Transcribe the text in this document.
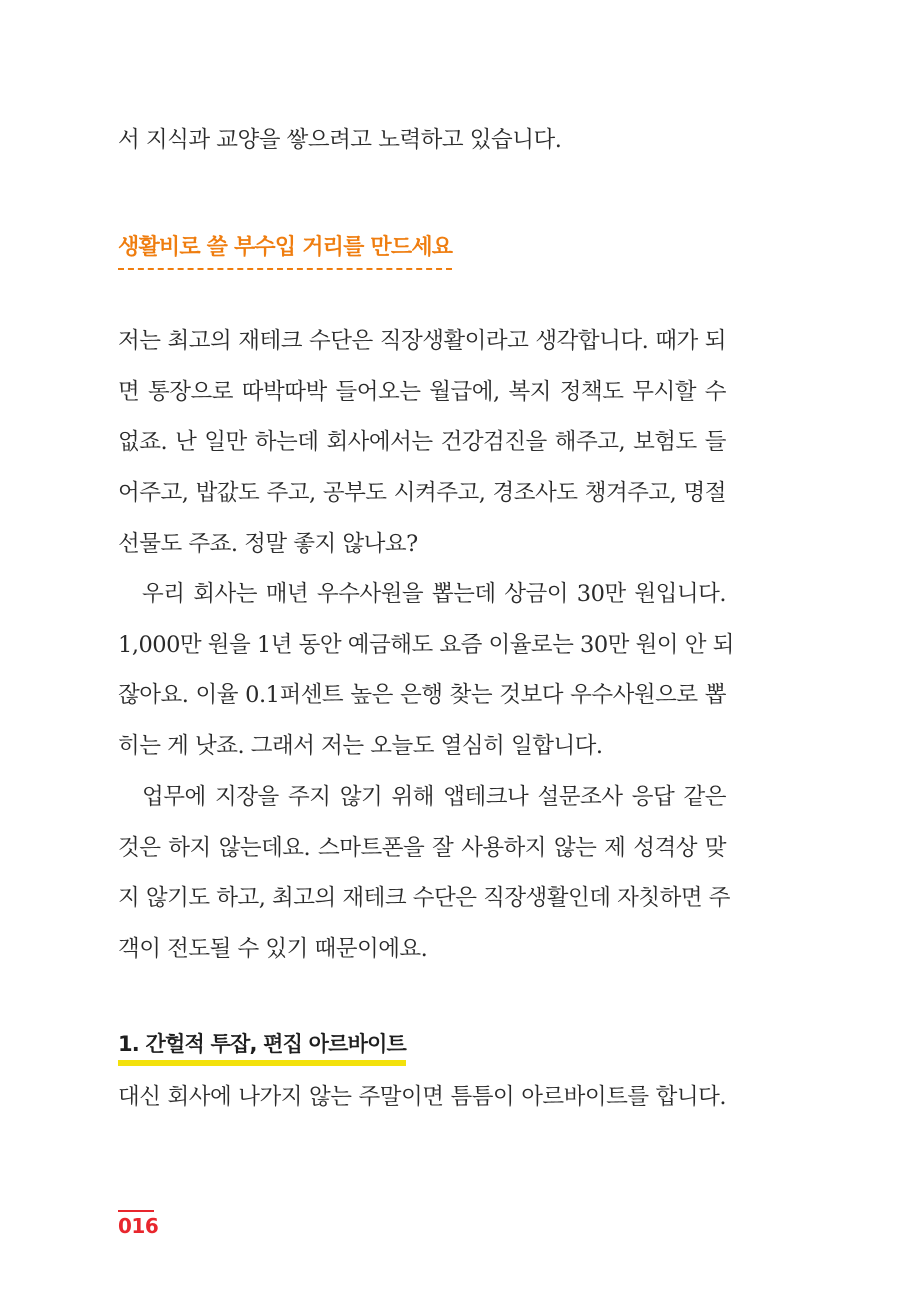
서 지식과 교양을 쌓으려고 노력하고 있습니다.
생활비로 쓸 부수입 거리를 만드세요
저는 최고의 재테크 수단은 직장생활이라고 생각합니다. 때가 되
면 통장으로 따박따박 들어오는 월급에, 복지 정책도 무시할 수
없죠. 난 일만 하는데 회사에서는 건강검진을 해주고, 보험도 들
어주고, 밥값도 주고, 공부도 시켜주고, 경조사도 챙겨주고, 명절
선물도 주죠. 정말 좋지 않나요?
우리 회사는 매년 우수사원을 뽑는데 상금이 30만 원입니다.
1,000만 원을 1년 동안 예금해도 요즘 이율로는 30만 원이 안 되
잖아요. 이율 0.1퍼센트 높은 은행 찾는 것보다 우수사원으로 뽑
히는 게 낫죠. 그래서 저는 오늘도 열심히 일합니다.
업무에 지장을 주지 않기 위해 앱테크나 설문조사 응답 같은
것은 하지 않는데요. 스마트폰을 잘 사용하지 않는 제 성격상 맞
지 않기도 하고, 최고의 재테크 수단은 직장생활인데 자칫하면 주
객이 전도될 수 있기 때문이에요.
1. 간헐적 투잡, 편집 아르바이트
대신 회사에 나가지 않는 주말이면 틈틈이 아르바이트를 합니다.
016
